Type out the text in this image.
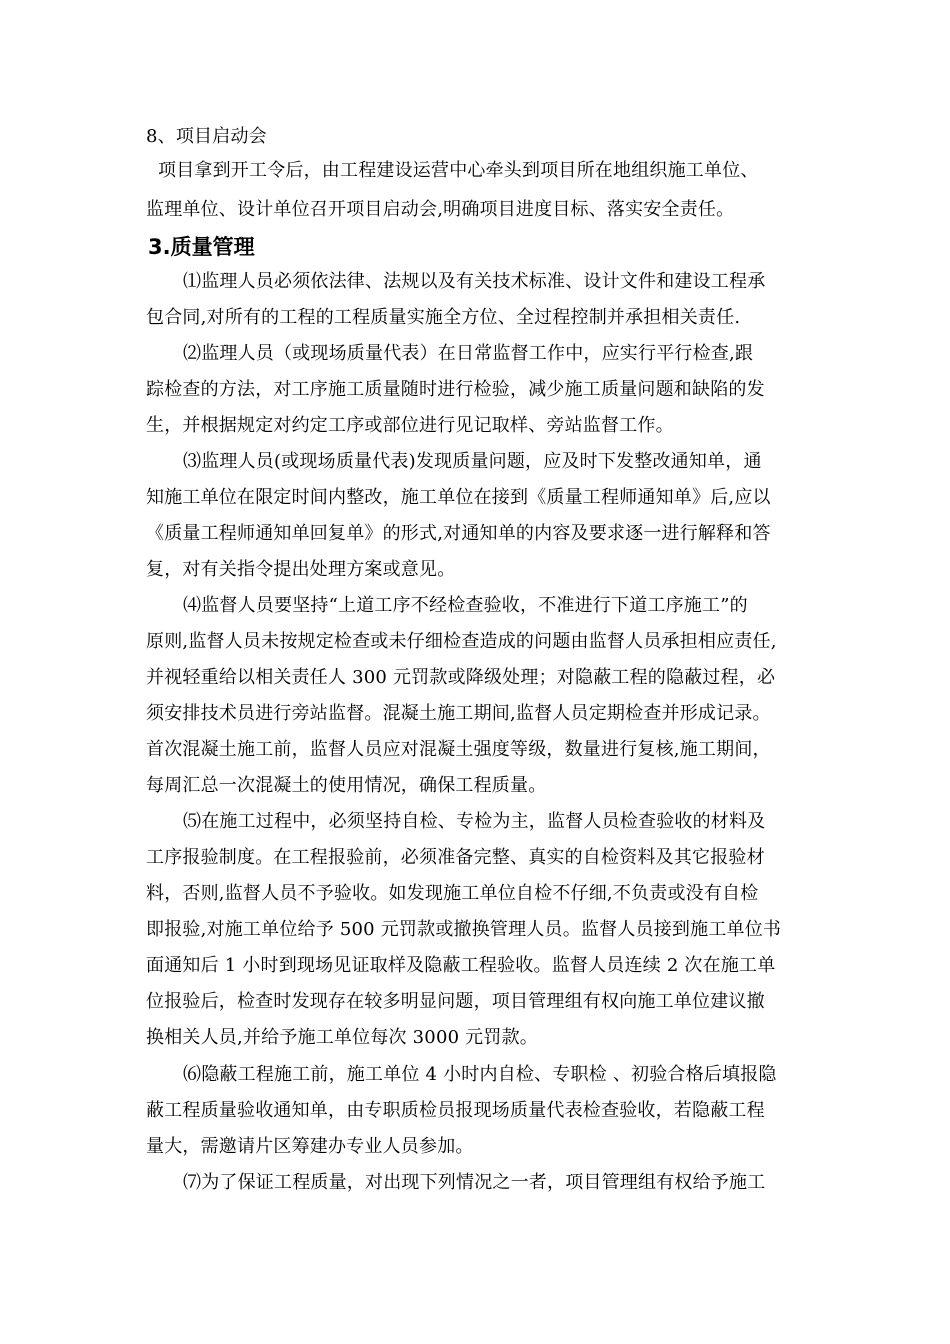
8、项目启动会
项目拿到开工令后，由工程建设运营中心牵头到项目所在地组织施工单位、
监理单位、设计单位召开项目启动会,明确项目进度目标、落实安全责任。
3.质量管理
⑴监理人员必须依法律、法规以及有关技术标准、设计文件和建设工程承
包合同,对所有的工程的工程质量实施全方位、全过程控制并承担相关责任.
⑵监理人员（或现场质量代表）在日常监督工作中，应实行平行检查,跟
踪检查的方法，对工序施工质量随时进行检验，减少施工质量问题和缺陷的发
生，并根据规定对约定工序或部位进行见记取样、旁站监督工作。
⑶监理人员(或现场质量代表)发现质量问题，应及时下发整改通知单，通
知施工单位在限定时间内整改，施工单位在接到《质量工程师通知单》后,应以
《质量工程师通知单回复单》的形式,对通知单的内容及要求逐一进行解释和答
复，对有关指令提出处理方案或意见。
⑷监督人员要坚持“上道工序不经检查验收，不准进行下道工序施工”的
原则,监督人员未按规定检查或未仔细检查造成的问题由监督人员承担相应责任,
并视轻重给以相关责任人 300 元罚款或降级处理；对隐蔽工程的隐蔽过程，必
须安排技术员进行旁站监督。混凝土施工期间,监督人员定期检查并形成记录。
首次混凝土施工前，监督人员应对混凝土强度等级，数量进行复核,施工期间，
每周汇总一次混凝土的使用情况，确保工程质量。
⑸在施工过程中，必须坚持自检、专检为主，监督人员检查验收的材料及
工序报验制度。在工程报验前，必须准备完整、真实的自检资料及其它报验材
料，否则,监督人员不予验收。如发现施工单位自检不仔细,不负责或没有自检
即报验,对施工单位给予 500 元罚款或撤换管理人员。监督人员接到施工单位书
面通知后 1 小时到现场见证取样及隐蔽工程验收。监督人员连续 2 次在施工单
位报验后，检查时发现存在较多明显问题，项目管理组有权向施工单位建议撤
换相关人员,并给予施工单位每次 3000 元罚款。
⑹隐蔽工程施工前，施工单位 4 小时内自检、专职检 、初验合格后填报隐
蔽工程质量验收通知单，由专职质检员报现场质量代表检查验收，若隐蔽工程
量大，需邀请片区筹建办专业人员参加。
⑺为了保证工程质量，对出现下列情况之一者，项目管理组有权给予施工
